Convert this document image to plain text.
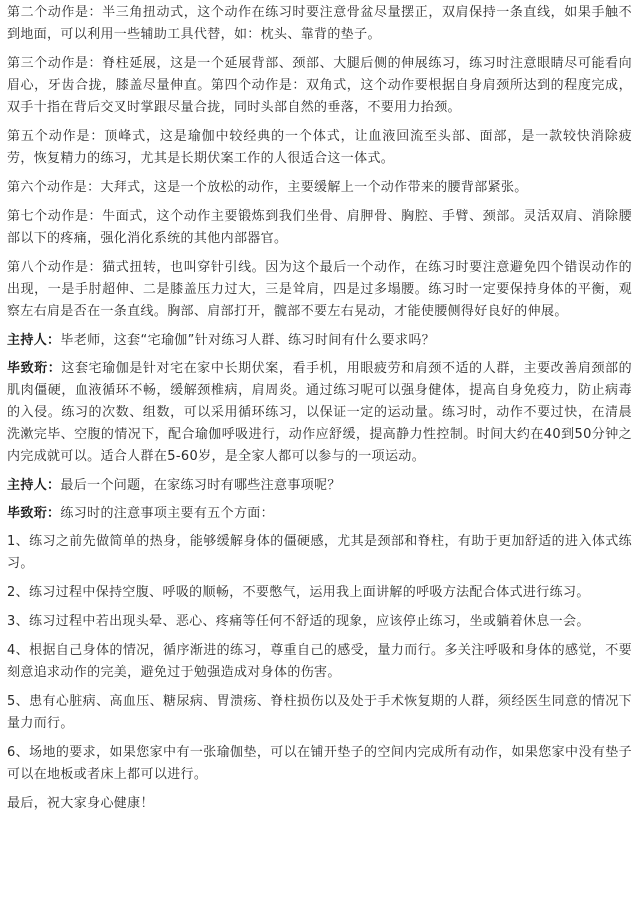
第二个动作是：半三角扭动式，这个动作在练习时要注意骨盆尽量摆正，双肩保持一条直线，如果手触不到地面，可以利用一些辅助工具代替，如：枕头、靠背的垫子。

第三个动作是：脊柱延展，这是一个延展背部、颈部、大腿后侧的伸展练习，练习时注意眼睛尽可能看向眉心，牙齿合拢，膝盖尽量伸直。第四个动作是：双角式，这个动作要根据自身肩颈所达到的程度完成，双手十指在背后交叉时掌跟尽量合拢，同时头部自然的垂落，不要用力抬颈。

第五个动作是：顶峰式，这是瑜伽中较经典的一个体式，让血液回流至头部、面部，是一款较快消除疲劳，恢复精力的练习，尤其是长期伏案工作的人很适合这一体式。

第六个动作是：大拜式，这是一个放松的动作，主要缓解上一个动作带来的腰背部紧张。

第七个动作是：牛面式，这个动作主要锻炼到我们坐骨、肩胛骨、胸腔、手臂、颈部。灵活双肩、消除腰部以下的疼痛，强化消化系统的其他内部器官。

第八个动作是：猫式扭转，也叫穿针引线。因为这个最后一个动作，在练习时要注意避免四个错误动作的出现，一是手肘超伸、二是膝盖压力过大，三是耸肩，四是过多塌腰。练习时一定要保持身体的平衡，观察左右肩是否在一条直线。胸部、肩部打开，髋部不要左右晃动，才能使腰侧得好良好的伸展。

主持人：毕老师，这套“宅瑜伽”针对练习人群、练习时间有什么要求吗？

毕致珩：这套宅瑜伽是针对宅在家中长期伏案，看手机，用眼疲劳和肩颈不适的人群，主要改善肩颈部的肌肉僵硬，血液循环不畅，缓解颈椎病，肩周炎。通过练习呢可以强身健体，提高自身免疫力，防止病毒的入侵。练习的次数、组数，可以采用循环练习，以保证一定的运动量。练习时，动作不要过快，在清晨洗漱完毕、空腹的情况下，配合瑜伽呼吸进行，动作应舒缓，提高静力性控制。时间大约在40到50分钟之内完成就可以。适合人群在5-60岁，是全家人都可以参与的一项运动。

主持人：最后一个问题，在家练习时有哪些注意事项呢？

毕致珩：练习时的注意事项主要有五个方面：

1、练习之前先做简单的热身，能够缓解身体的僵硬感，尤其是颈部和脊柱，有助于更加舒适的进入体式练习。

2、练习过程中保持空腹、呼吸的顺畅，不要憋气，运用我上面讲解的呼吸方法配合体式进行练习。

3、练习过程中若出现头晕、恶心、疼痛等任何不舒适的现象，应该停止练习，坐或躺着休息一会。

4、根据自己身体的情况，循序渐进的练习，尊重自己的感受，量力而行。多关注呼吸和身体的感觉，不要刻意追求动作的完美，避免过于勉强造成对身体的伤害。

5、患有心脏病、高血压、糖尿病、胃溃疡、脊柱损伤以及处于手术恢复期的人群，须经医生同意的情况下量力而行。

6、场地的要求，如果您家中有一张瑜伽垫，可以在铺开垫子的空间内完成所有动作，如果您家中没有垫子可以在地板或者床上都可以进行。

最后，祝大家身心健康！
